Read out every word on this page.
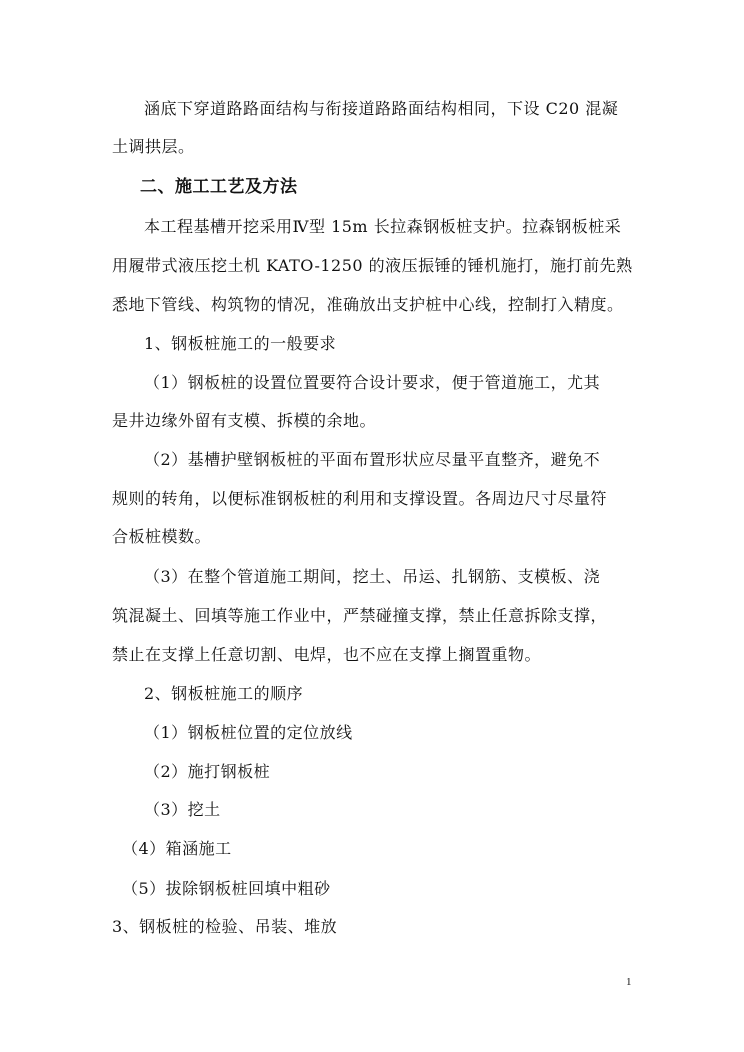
涵底下穿道路路面结构与衔接道路路面结构相同，下设 C20 混凝
土调拱层。
二、施工工艺及方法
本工程基槽开挖采用Ⅳ型 15m 长拉森钢板桩支护。拉森钢板桩采
用履带式液压挖土机 KATO-1250 的液压振锤的锤机施打，施打前先熟
悉地下管线、构筑物的情况，准确放出支护桩中心线，控制打入精度。
1、钢板桩施工的一般要求
（1）钢板桩的设置位置要符合设计要求，便于管道施工，尤其
是井边缘外留有支模、拆模的余地。
（2）基槽护壁钢板桩的平面布置形状应尽量平直整齐，避免不
规则的转角，以便标准钢板桩的利用和支撑设置。各周边尺寸尽量符
合板桩模数。
（3）在整个管道施工期间，挖土、吊运、扎钢筋、支模板、浇
筑混凝土、回填等施工作业中，严禁碰撞支撑，禁止任意拆除支撑，
禁止在支撑上任意切割、电焊，也不应在支撑上搁置重物。
2、钢板桩施工的顺序
（1）钢板桩位置的定位放线
（2）施打钢板桩
（3）挖土
（4）箱涵施工
（5）拔除钢板桩回填中粗砂
3、钢板桩的检验、吊装、堆放
1
